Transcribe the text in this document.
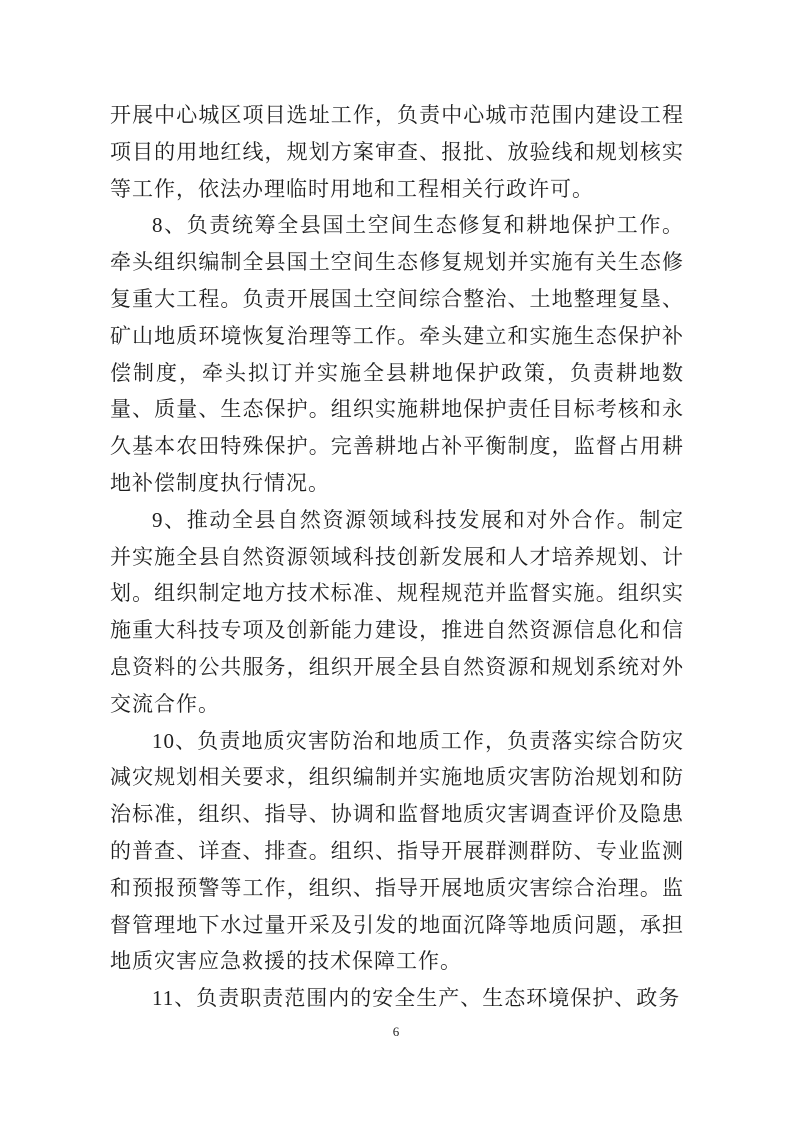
开展中心城区项目选址工作，负责中心城市范围内建设工程项目的用地红线，规划方案审查、报批、放验线和规划核实等工作，依法办理临时用地和工程相关行政许可。

8、负责统筹全县国土空间生态修复和耕地保护工作。牵头组织编制全县国土空间生态修复规划并实施有关生态修复重大工程。负责开展国土空间综合整治、土地整理复垦、矿山地质环境恢复治理等工作。牵头建立和实施生态保护补偿制度，牵头拟订并实施全县耕地保护政策，负责耕地数量、质量、生态保护。组织实施耕地保护责任目标考核和永久基本农田特殊保护。完善耕地占补平衡制度，监督占用耕地补偿制度执行情况。

9、推动全县自然资源领域科技发展和对外合作。制定并实施全县自然资源领域科技创新发展和人才培养规划、计划。组织制定地方技术标准、规程规范并监督实施。组织实施重大科技专项及创新能力建设，推进自然资源信息化和信息资料的公共服务，组织开展全县自然资源和规划系统对外交流合作。

10、负责地质灾害防治和地质工作，负责落实综合防灾减灾规划相关要求，组织编制并实施地质灾害防治规划和防治标准，组织、指导、协调和监督地质灾害调查评价及隐患的普查、详查、排查。组织、指导开展群测群防、专业监测和预报预警等工作，组织、指导开展地质灾害综合治理。监督管理地下水过量开采及引发的地面沉降等地质问题，承担地质灾害应急救援的技术保障工作。

11、负责职责范围内的安全生产、生态环境保护、政务

6
